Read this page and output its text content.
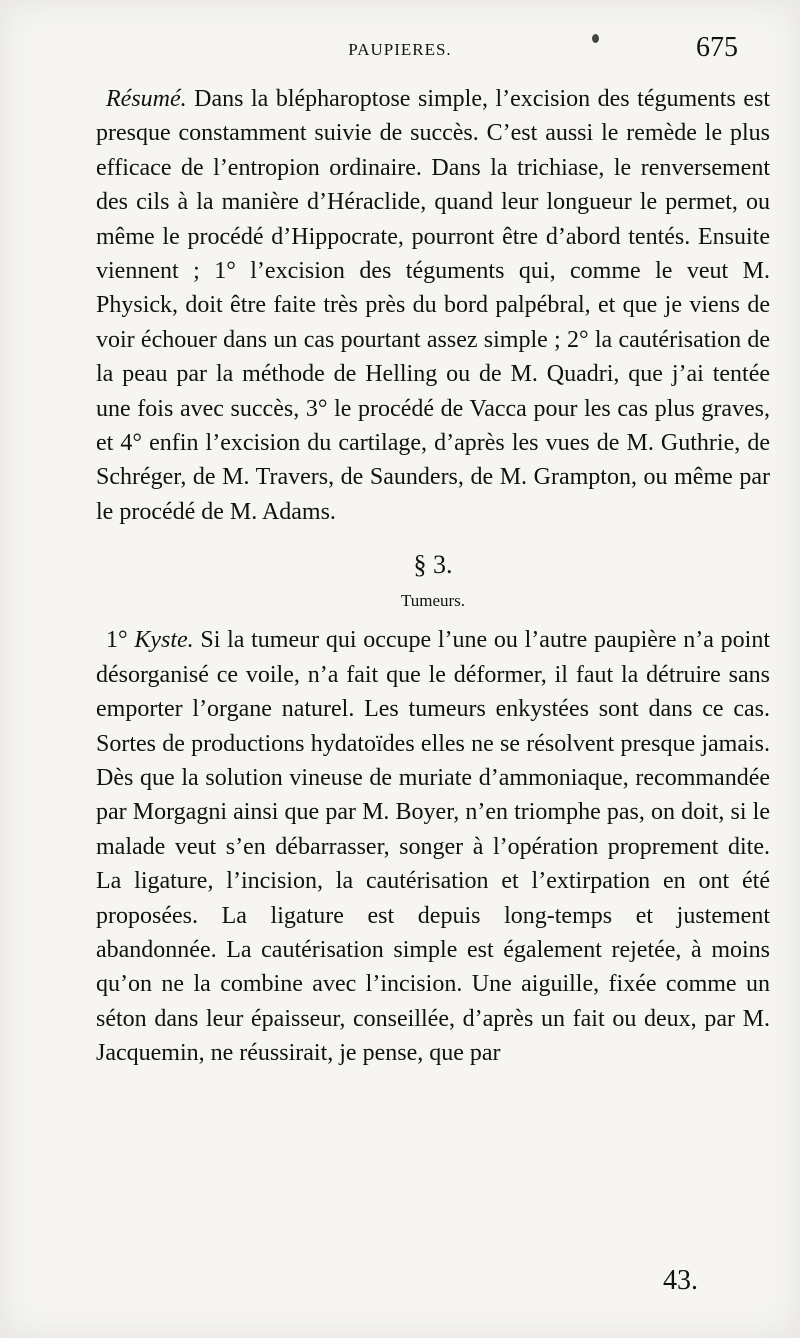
PAUPIERES.	675

Résumé. Dans la blépharoptose simple, l’excision des téguments est presque constamment suivie de succès. C’est aussi le remède le plus efficace de l’entropion ordinaire. Dans la trichiase, le renversement des cils à la manière d’Héraclide, quand leur longueur le permet, ou même le procédé d’Hippocrate, pourront être d’abord tentés. Ensuite viennent ; 1° l’excision des téguments qui, comme le veut M. Physick, doit être faite très près du bord palpébral, et que je viens de voir échouer dans un cas pourtant assez simple ; 2° la cautérisation de la peau par la méthode de Helling ou de M. Quadri, que j’ai tentée une fois avec succès, 3° le procédé de Vacca pour les cas plus graves, et 4° enfin l’excision du cartilage, d’après les vues de M. Guthrie, de Schréger, de M. Travers, de Saunders, de M. Grampton, ou même par le procédé de M. Adams.

§ 3.
Tumeurs.

1° Kyste. Si la tumeur qui occupe l’une ou l’autre paupière n’a point désorganisé ce voile, n’a fait que le déformer, il faut la détruire sans emporter l’organe naturel. Les tumeurs enkystées sont dans ce cas. Sortes de productions hydatoïdes elles ne se résolvent presque jamais. Dès que la solution vineuse de muriate d’ammoniaque, recommandée par Morgagni ainsi que par M. Boyer, n’en triomphe pas, on doit, si le malade veut s’en débarrasser, songer à l’opération proprement dite. La ligature, l’incision, la cautérisation et l’extirpation en ont été proposées. La ligature est depuis long-temps et justement abandonnée. La cautérisation simple est également rejetée, à moins qu’on ne la combine avec l’incision. Une aiguille, fixée comme un séton dans leur épaisseur, conseillée, d’après un fait ou deux, par M. Jacquemin, ne réussirait, je pense, que par

43.
